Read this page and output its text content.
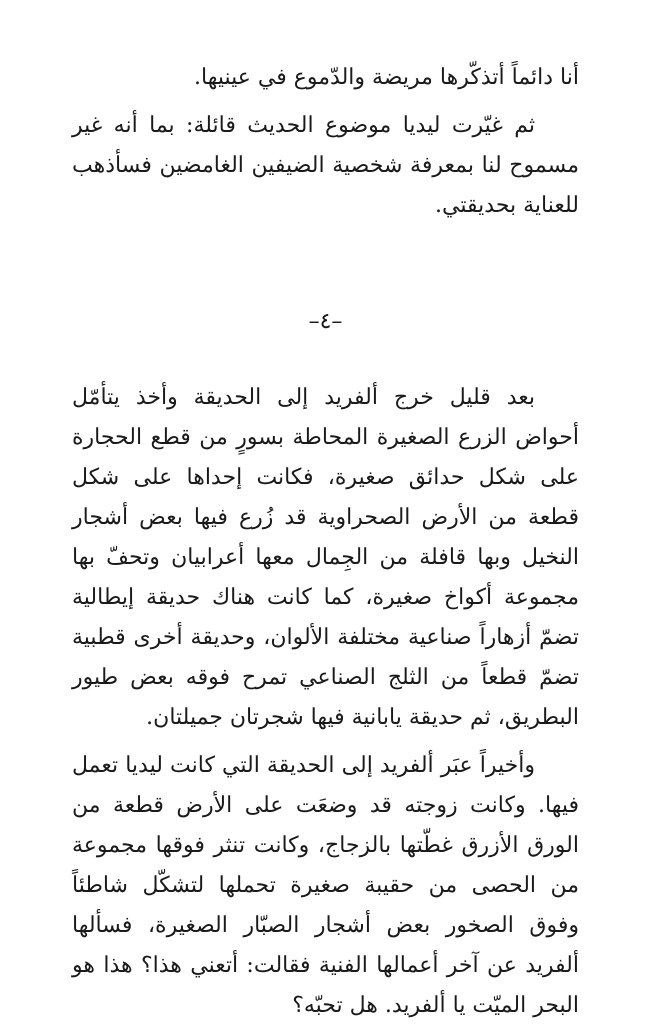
أنا دائماً أتذكّرها مريضة والدّموع في عينيها.

ثم غيّرت ليديا موضوع الحديث قائلة: بما أنه غير مسموح لنا بمعرفة شخصية الضيفين الغامضين فسأذهب للعناية بحديقتي.

–٤–

بعد قليل خرج ألفريد إلى الحديقة وأخذ يتأمّل أحواض الزرع الصغيرة المحاطة بسورٍ من قطع الحجارة على شكل حدائق صغيرة، فكانت إحداها على شكل قطعة من الأرض الصحراوية قد زُرع فيها بعض أشجار النخيل وبها قافلة من الجِمال معها أعرابيان وتحفّ بها مجموعة أكواخ صغيرة، كما كانت هناك حديقة إيطالية تضمّ أزهاراً صناعية مختلفة الألوان، وحديقة أخرى قطبية تضمّ قطعاً من الثلج الصناعي تمرح فوقه بعض طيور البطريق، ثم حديقة يابانية فيها شجرتان جميلتان.

وأخيراً عبَر ألفريد إلى الحديقة التي كانت ليديا تعمل فيها. وكانت زوجته قد وضعَت على الأرض قطعة من الورق الأزرق غطّتها بالزجاج، وكانت تنثر فوقها مجموعة من الحصى من حقيبة صغيرة تحملها لتشكّل شاطئاً وفوق الصخور بعض أشجار الصبّار الصغيرة، فسألها ألفريد عن آخر أعمالها الفنية فقالت: أتعني هذا؟ هذا هو البحر الميّت يا ألفريد. هل تحبّه؟
